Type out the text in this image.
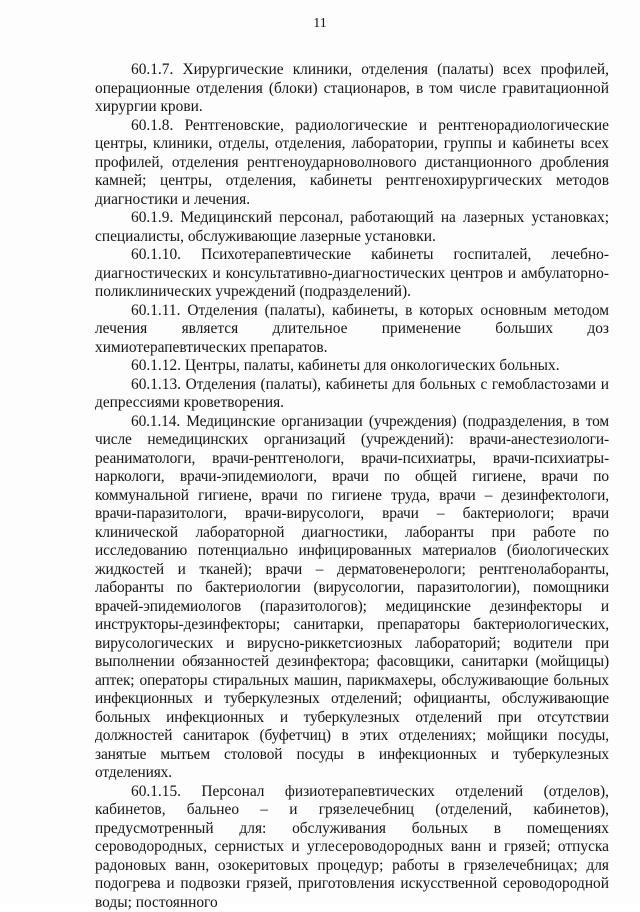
11

60.1.7. Хирургические клиники, отделения (палаты) всех профилей, операционные отделения (блоки) стационаров, в том числе гравитационной хирургии крови.

60.1.8. Рентгеновские, радиологические и рентгенорадиологические центры, клиники, отделы, отделения, лаборатории, группы и кабинеты всех профилей, отделения рентгеноударноволнового дистанционного дробления камней; центры, отделения, кабинеты рентгенохирургических методов диагностики и лечения.

60.1.9. Медицинский персонал, работающий на лазерных установках; специалисты, обслуживающие лазерные установки.

60.1.10. Психотерапевтические кабинеты госпиталей, лечебно-диагностических и консультативно-диагностических центров и амбулаторно-поликлинических учреждений (подразделений).

60.1.11. Отделения (палаты), кабинеты, в которых основным методом лечения является длительное применение больших доз химиотерапевтических препаратов.

60.1.12. Центры, палаты, кабинеты для онкологических больных.

60.1.13. Отделения (палаты), кабинеты для больных с гемобластозами и депрессиями кроветворения.

60.1.14. Медицинские организации (учреждения) (подразделения, в том числе немедицинских организаций (учреждений): врачи-анестезиологи-реаниматологи, врачи-рентгенологи, врачи-психиатры, врачи-психиатры-наркологи, врачи-эпидемиологи, врачи по общей гигиене, врачи по коммунальной гигиене, врачи по гигиене труда, врачи – дезинфектологи, врачи-паразитологи, врачи-вирусологи, врачи – бактериологи; врачи клинической лабораторной диагностики, лаборанты при работе по исследованию потенциально инфицированных материалов (биологических жидкостей и тканей); врачи – дерматовенерологи; рентгенолаборанты, лаборанты по бактериологии (вирусологии, паразитологии), помощники врачей-эпидемиологов (паразитологов); медицинские дезинфекторы и инструкторы-дезинфекторы; санитарки, препараторы бактериологических, вирусологических и вирусно-риккетсиозных лабораторий; водители при выполнении обязанностей дезинфектора; фасовщики, санитарки (мойщицы) аптек; операторы стиральных машин, парикмахеры, обслуживающие больных инфекционных и туберкулезных отделений; официанты, обслуживающие больных инфекционных и туберкулезных отделений при отсутствии должностей санитарок (буфетчиц) в этих отделениях; мойщики посуды, занятые мытьем столовой посуды в инфекционных и туберкулезных отделениях.

60.1.15. Персонал физиотерапевтических отделений (отделов), кабинетов, бальнео – и грязелечебниц (отделений, кабинетов), предусмотренный для: обслуживания больных в помещениях сероводородных, сернистых и углесероводородных ванн и грязей; отпуска радоновых ванн, озокеритовых процедур; работы в грязелечебницах; для подогрева и подвозки грязей, приготовления искусственной сероводородной воды; постоянного
